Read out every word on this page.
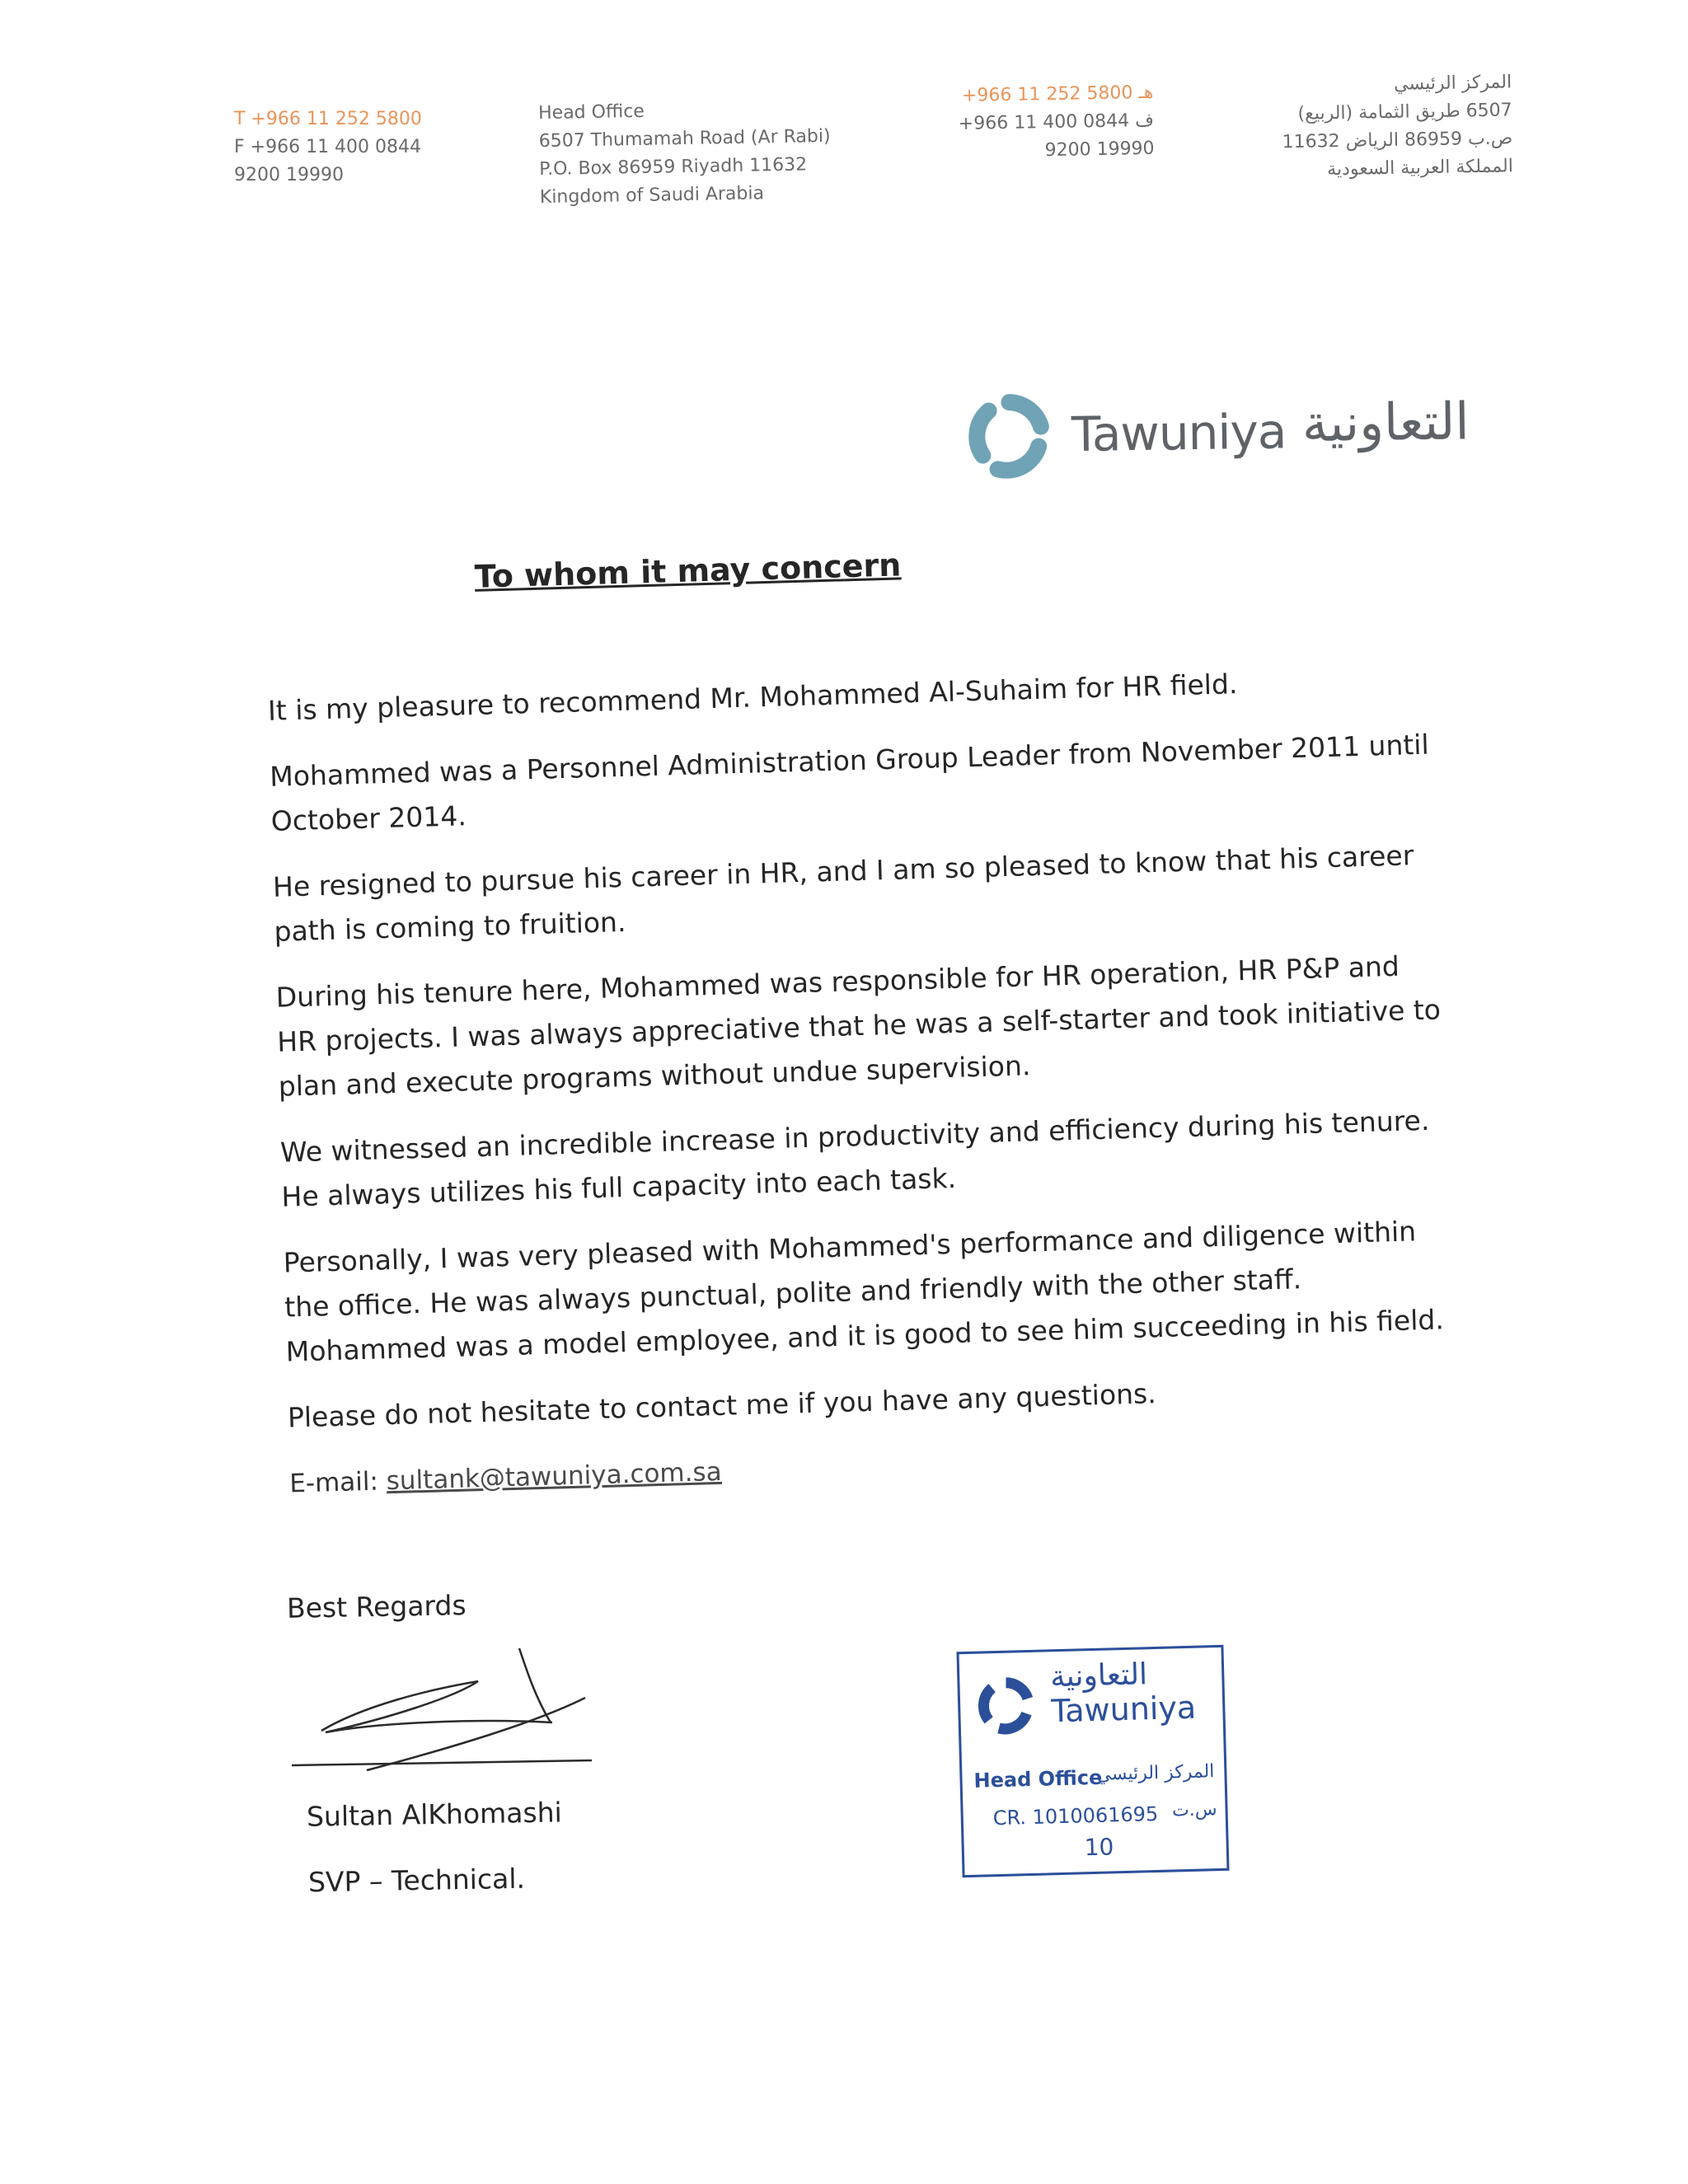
T +966 11 252 5800
F +966 11 400 0844
9200 19990
Head Office
6507 Thumamah Road (Ar Rabi)
P.O. Box 86959 Riyadh 11632
Kingdom of Saudi Arabia
+966 11 252 5800 هـ
+966 11 400 0844 ف
9200 19990
المركز الرئيسي
6507 طريق الثمامة (الربيع)
ص.ب 86959 الرياض 11632
المملكة العربية السعودية
Tawuniya التعاونية
To whom it may concern

It is my pleasure to recommend Mr. Mohammed Al-Suhaim for HR field.

Mohammed was a Personnel Administration Group Leader from November 2011 until October 2014.

He resigned to pursue his career in HR, and I am so pleased to know that his career path is coming to fruition.

During his tenure here, Mohammed was responsible for HR operation, HR P&P and HR projects. I was always appreciative that he was a self-starter and took initiative to plan and execute programs without undue supervision.

We witnessed an incredible increase in productivity and efficiency during his tenure. He always utilizes his full capacity into each task.

Personally, I was very pleased with Mohammed's performance and diligence within the office. He was always punctual, polite and friendly with the other staff. Mohammed was a model employee, and it is good to see him succeeding in his field.

Please do not hesitate to contact me if you have any questions.

E-mail: sultank@tawuniya.com.sa
Best Regards
Sultan AlKhomashi
SVP – Technical.
التعاونية
Tawuniya
Head Office
المركز الرئيسي
CR. 1010061695 س.ت
10
